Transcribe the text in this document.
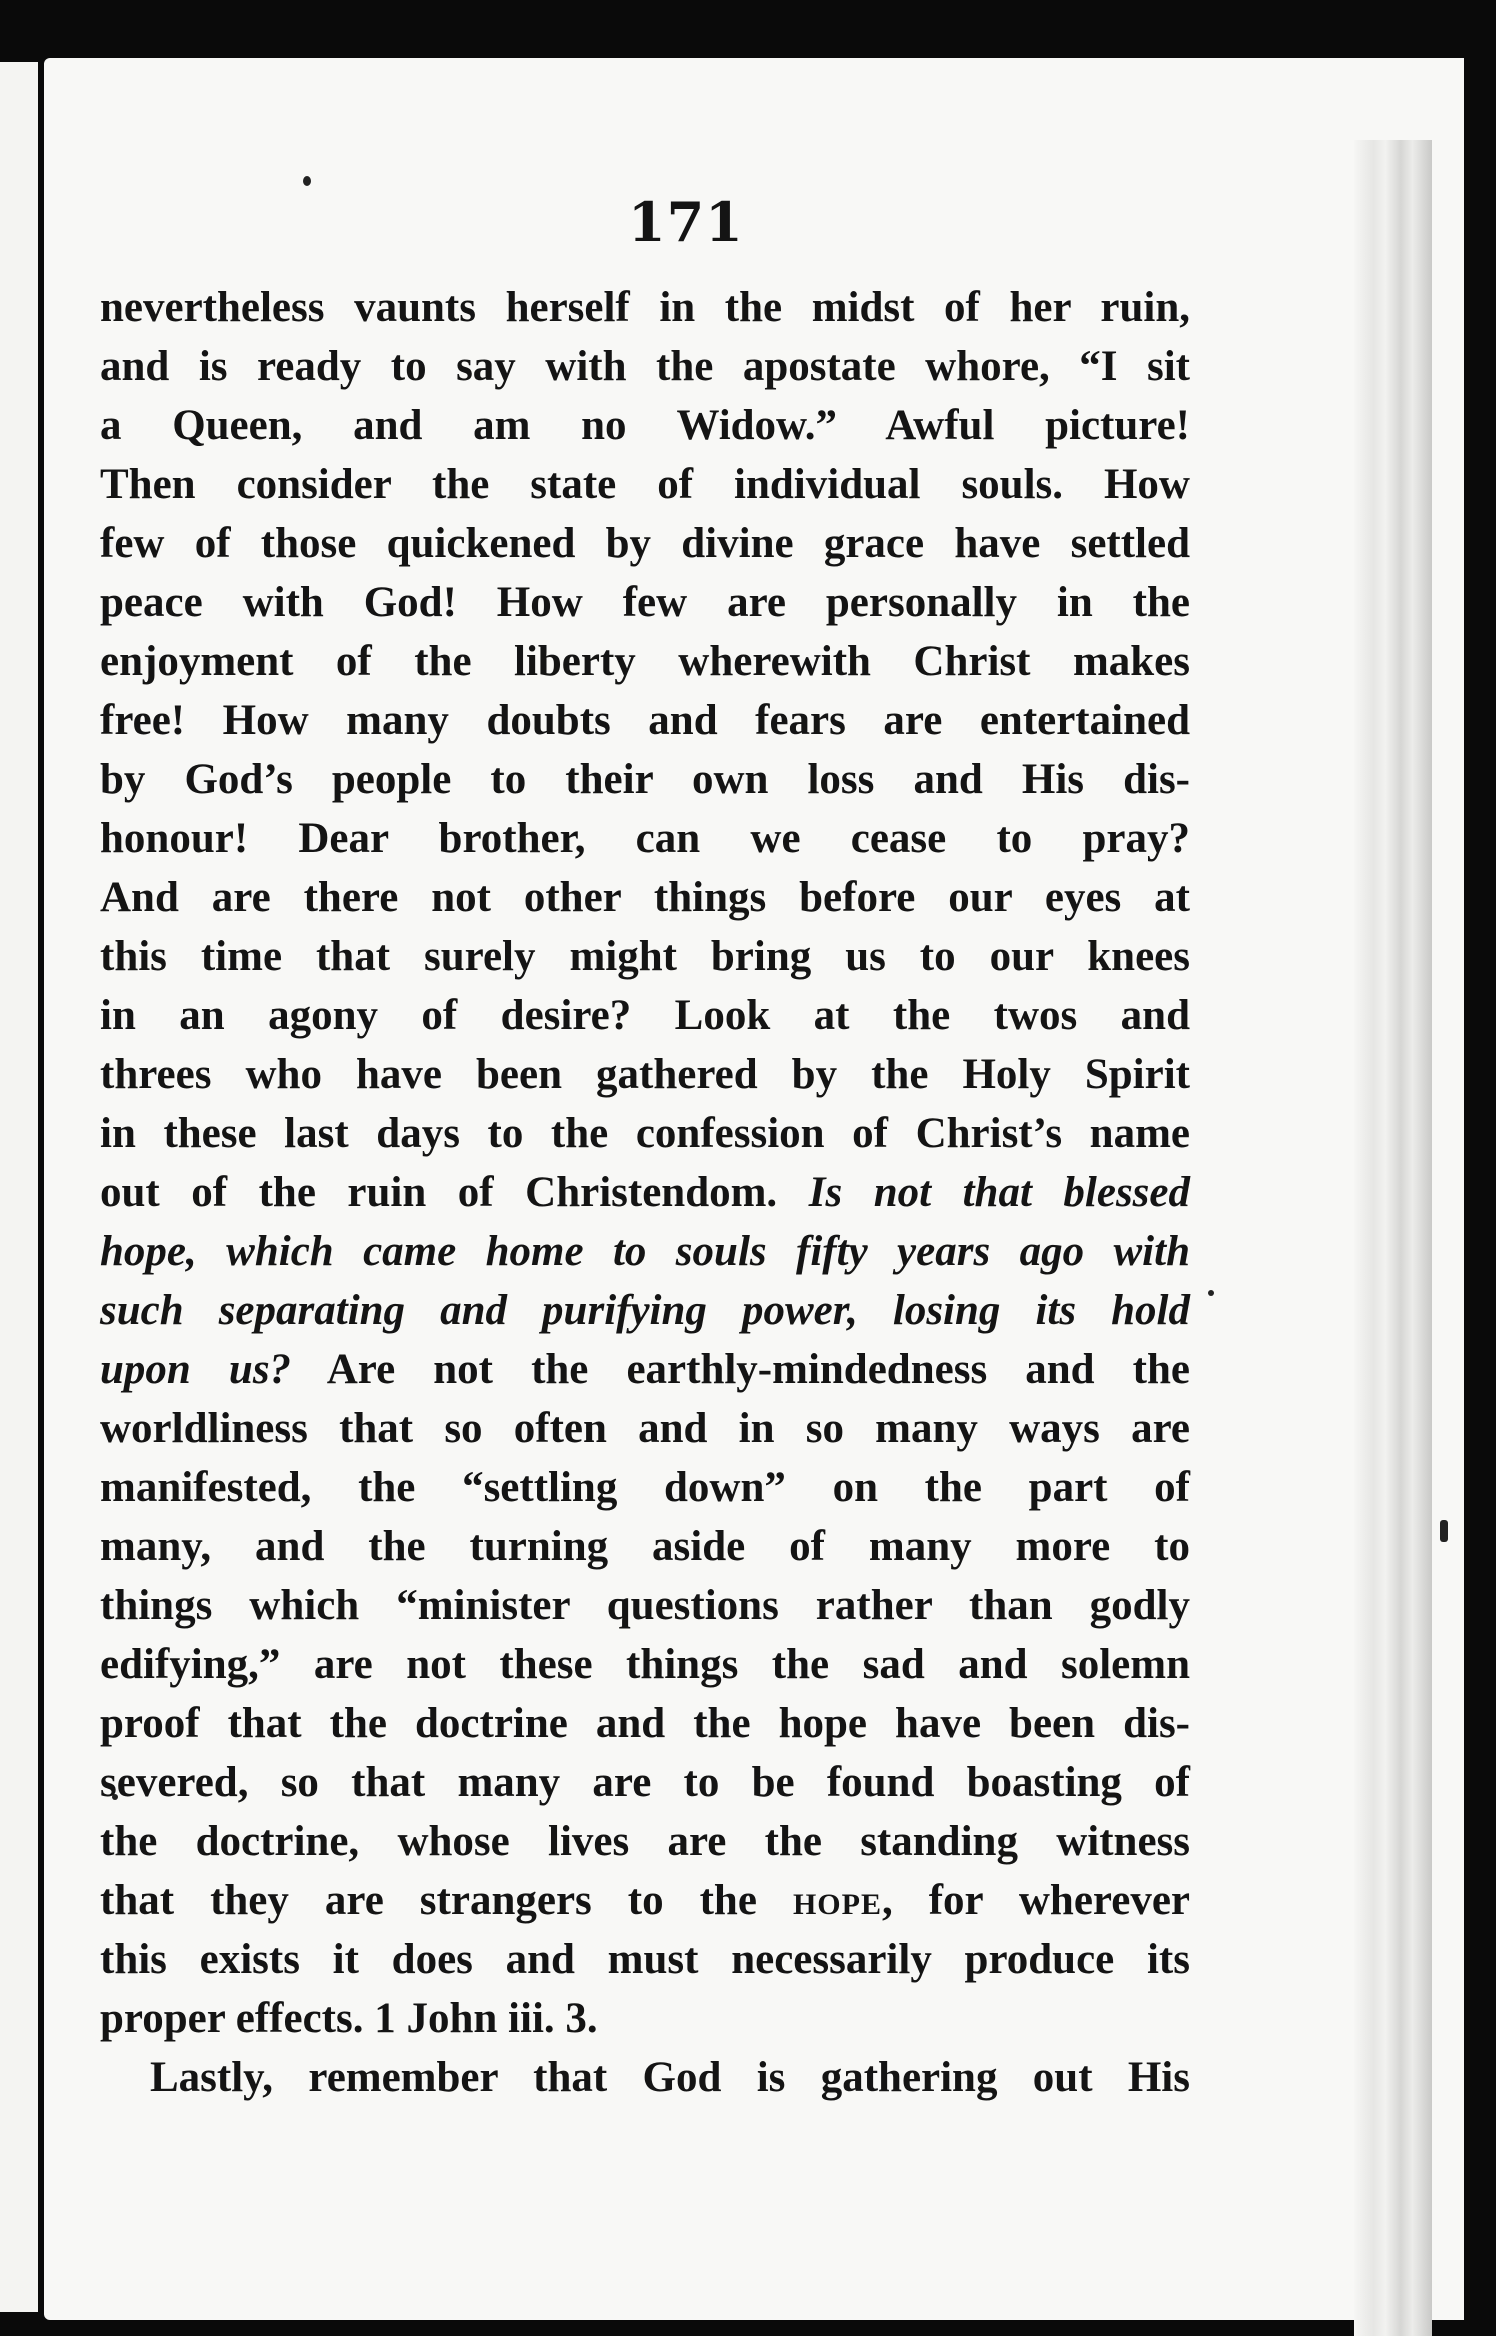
171
nevertheless vaunts herself in the midst of her ruin,
and is ready to say with the apostate whore, “I sit
a Queen, and am no Widow.” Awful picture!
Then consider the state of individual souls. How
few of those quickened by divine grace have settled
peace with God! How few are personally in the
enjoyment of the liberty wherewith Christ makes
free! How many doubts and fears are entertained
by God’s people to their own loss and His dis-
honour! Dear brother, can we cease to pray?
And are there not other things before our eyes at
this time that surely might bring us to our knees
in an agony of desire? Look at the twos and
threes who have been gathered by the Holy Spirit
in these last days to the confession of Christ’s name
out of the ruin of Christendom. Is not that blessed
hope, which came home to souls fifty years ago with
such separating and purifying power, losing its hold
upon us? Are not the earthly-mindedness and the
worldliness that so often and in so many ways are
manifested, the “settling down” on the part of
many, and the turning aside of many more to
things which “minister questions rather than godly
edifying,” are not these things the sad and solemn
proof that the doctrine and the hope have been dis-
severed, so that many are to be found boasting of
the doctrine, whose lives are the standing witness
that they are strangers to the hope, for wherever
this exists it does and must necessarily produce its
proper effects. 1 John iii. 3.
Lastly, remember that God is gathering out His
